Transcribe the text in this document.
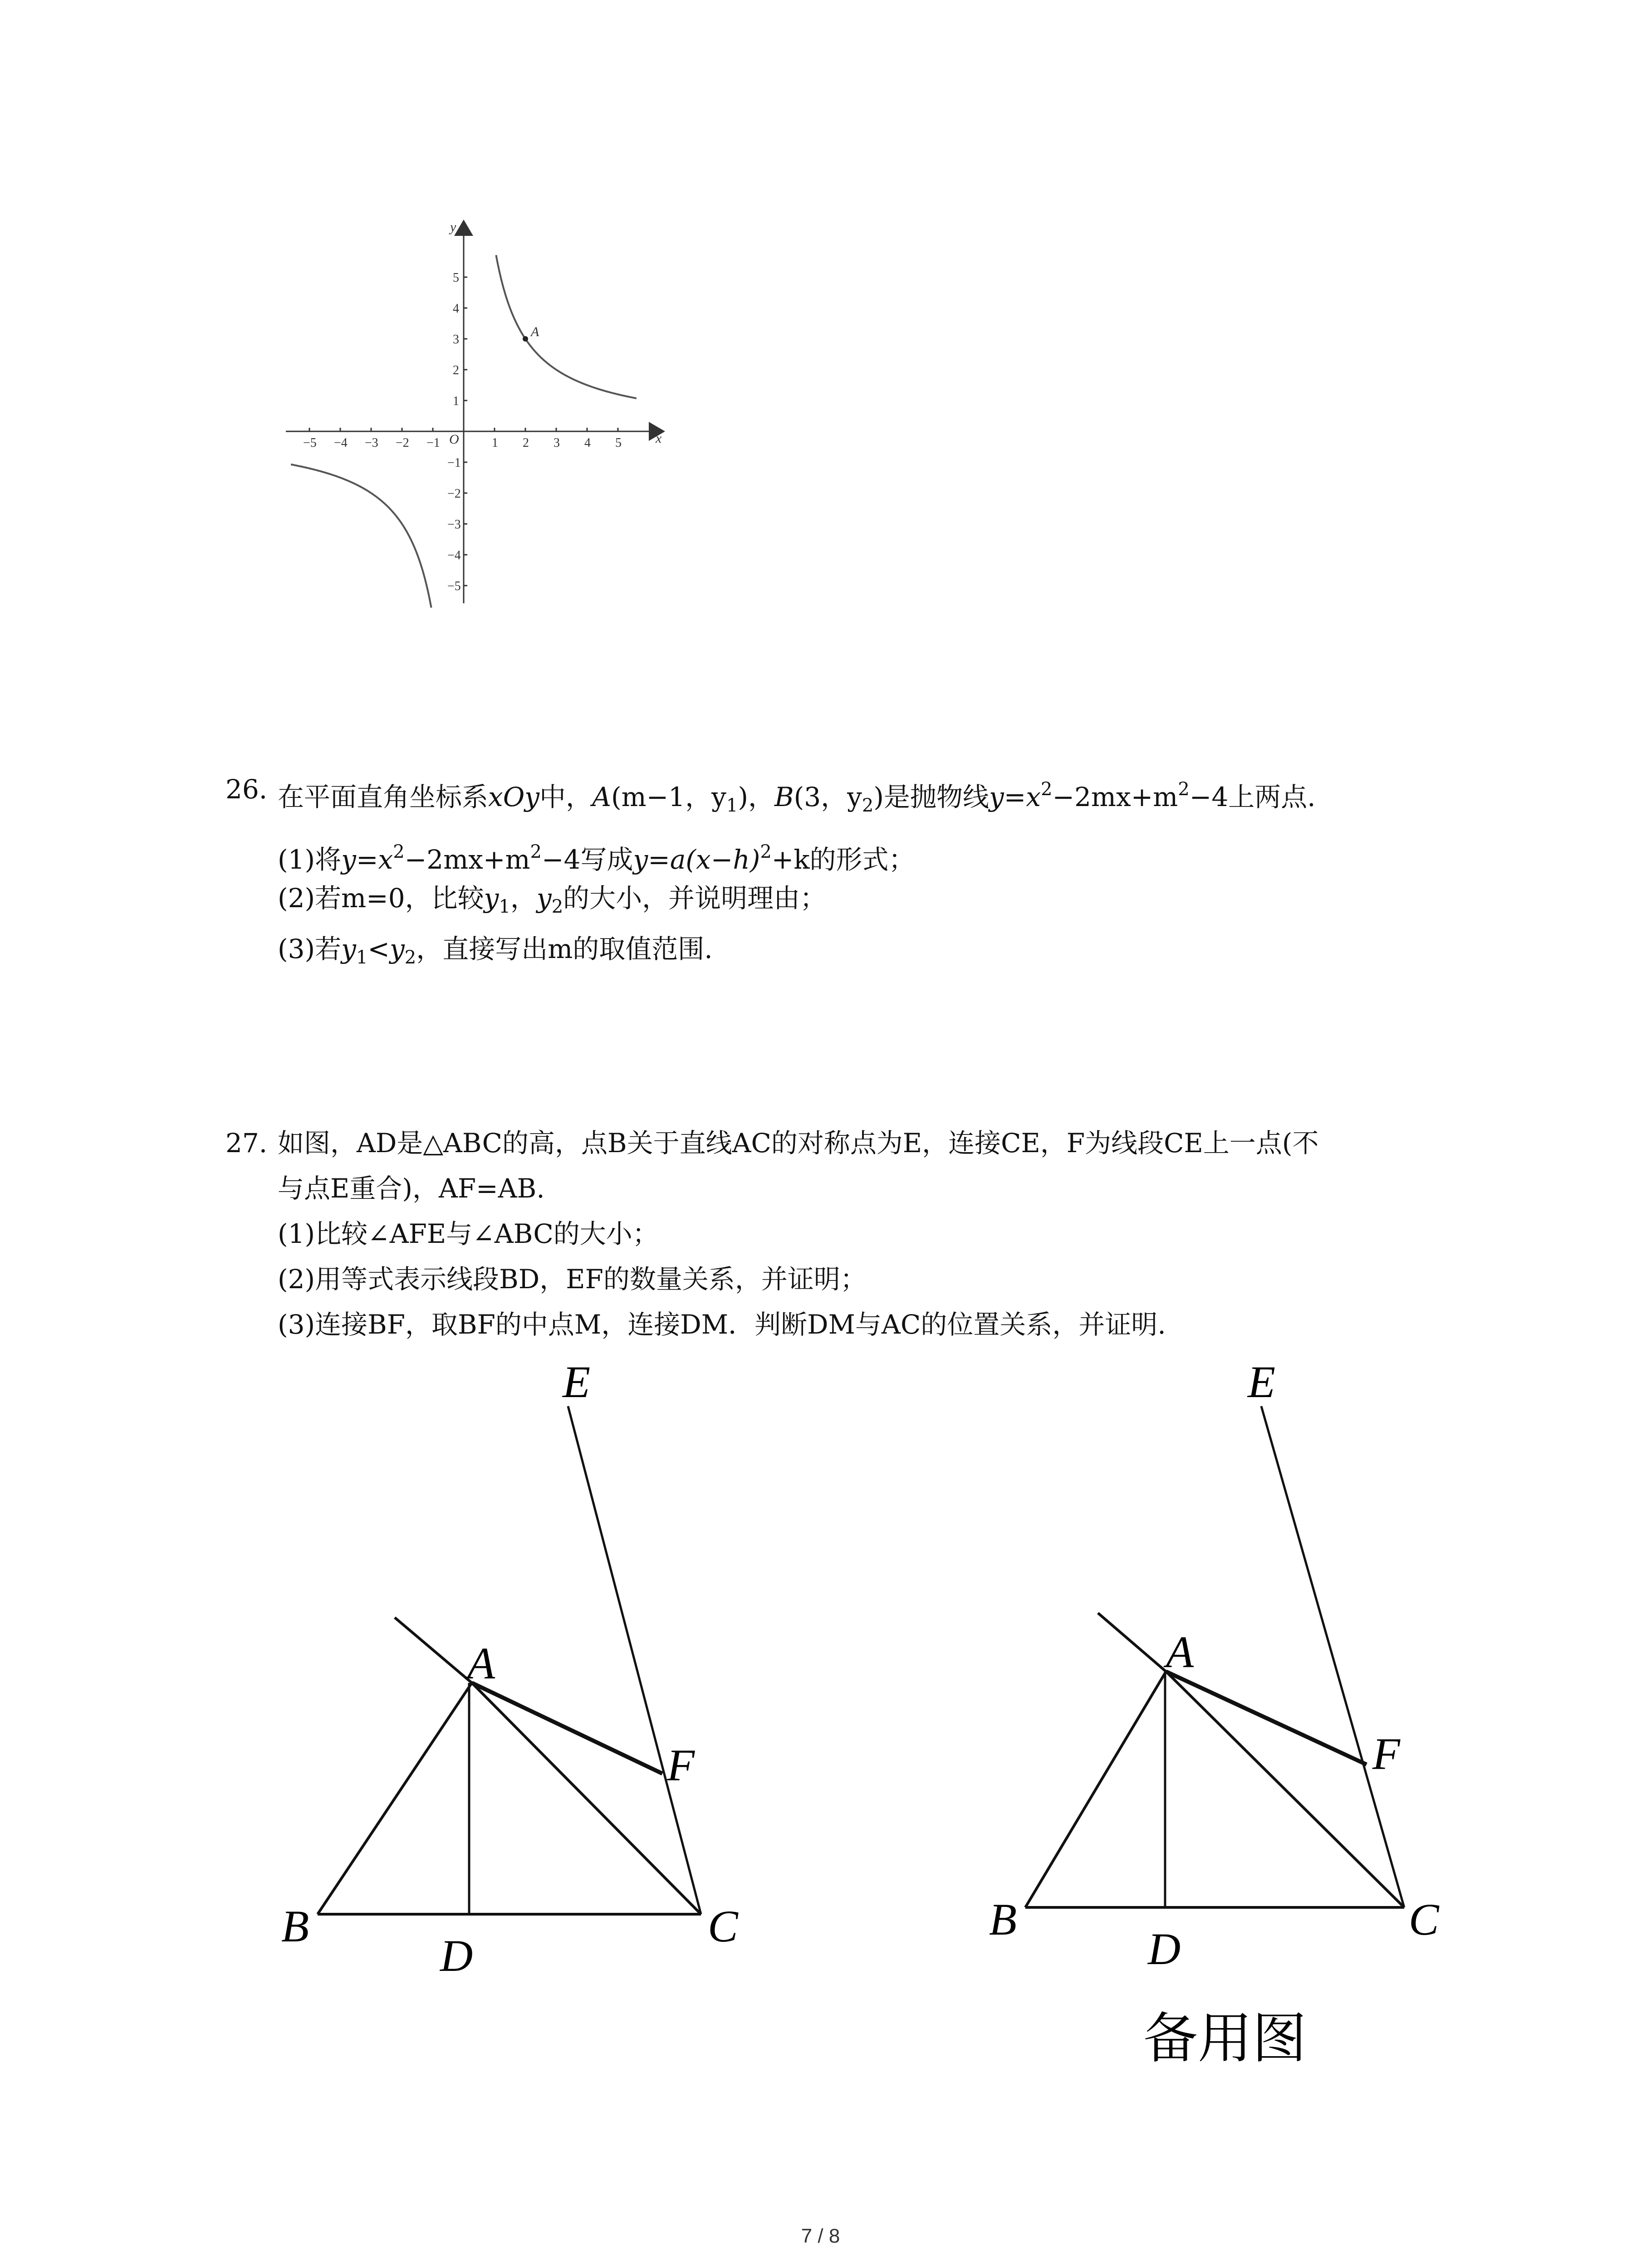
−5 −4 −3 −2 −1	1 2 3 4 5
5
4
3
2
1
−1
−2
−3
−4
−5
x
y
O
A
26. 在平面直角坐标系xOy中，A(m−1，$y_1$)，B(3，$y_2$)是抛物线$y=x^2-2mx+m^2-4$上两点.
(1)将$y=x^2-2mx+m^2-4$写成$y=a(x-h)^2+k$的形式；
(2)若m=0，比较$y_1$，$y_2$的大小，并说明理由；
(3)若$y_1<y_2$，直接写出m的取值范围.
27. 如图，AD是△ABC的高，点B关于直线AC的对称点为E，连接CE，F为线段CE上一点(不
与点E重合)，AF=AB.
(1)比较∠AFE与∠ABC的大小；
(2)用等式表示线段BD，EF的数量关系，并证明；
(3)连接BF，取BF的中点M，连接DM．判断DM与AC的位置关系，并证明.
E
A
F
B
D
C
E
A
F
B
D
C
备用图
7 / 8
